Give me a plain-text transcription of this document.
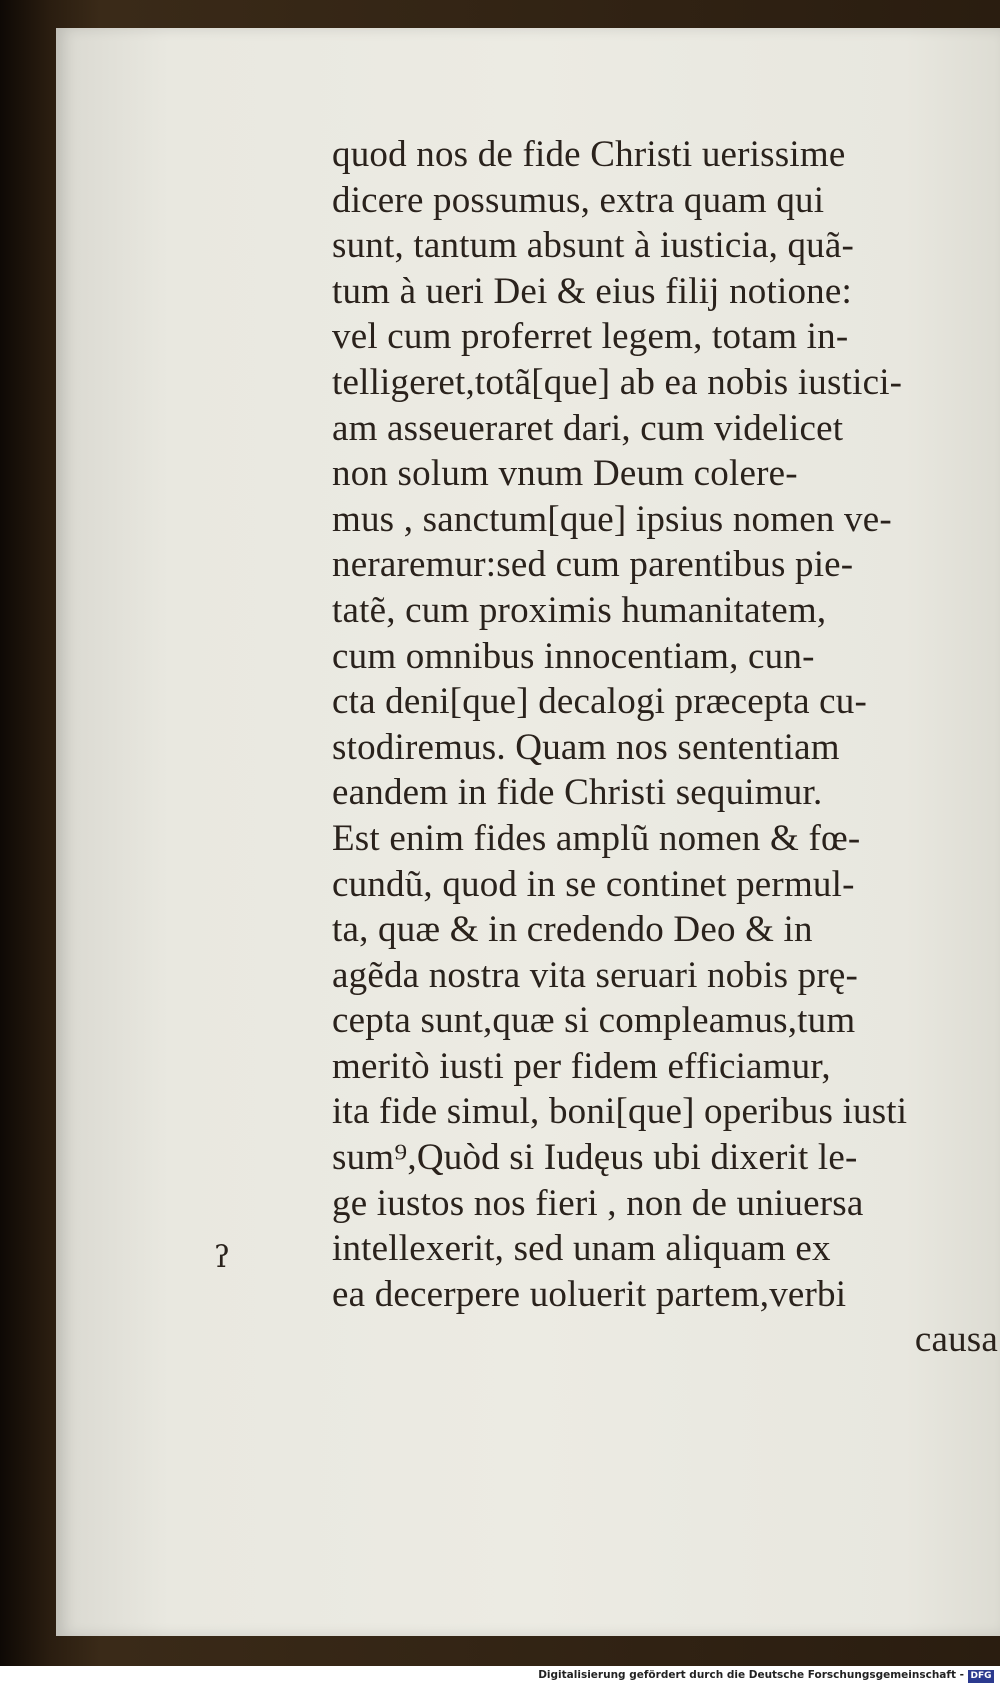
quod nos de fide Christi uerissime
dicere possumus, extra quam qui
sunt, tantum absunt à iusticia, quã-
tum à ueri Dei & eius filij notione:
vel cum proferret legem, totam in-
telligeret,totã[que] ab ea nobis iustici-
am asseueraret dari, cum videlicet
non solum vnum Deum colere-
mus , sanctum[que] ipsius nomen ve-
neraremur:sed cum parentibus pie-
tatẽ, cum proximis humanitatem,
cum omnibus innocentiam, cun-
cta deni[que] decalogi præcepta cu-
stodiremus. Quam nos sententiam
eandem in fide Christi sequimur.
Est enim fides amplũ nomen & fœ-
cundũ, quod in se continet permul-
ta, quæ & in credendo Deo & in
agẽda nostra vita seruari nobis prę-
cepta sunt,quæ si compleamus,tum
meritò iusti per fidem efficiamur,
ita fide simul, boni[que] operibus iusti
sum⁹,Quòd si Iudęus ubi dixerit le-
ge iustos nos fieri , non de uniuersa
intellexerit, sed unam aliquam ex
ea decerpere uoluerit partem,verbi
causa
ʔ
Digitalisierung gefördert durch die Deutsche Forschungsgemeinschaft - DFG
